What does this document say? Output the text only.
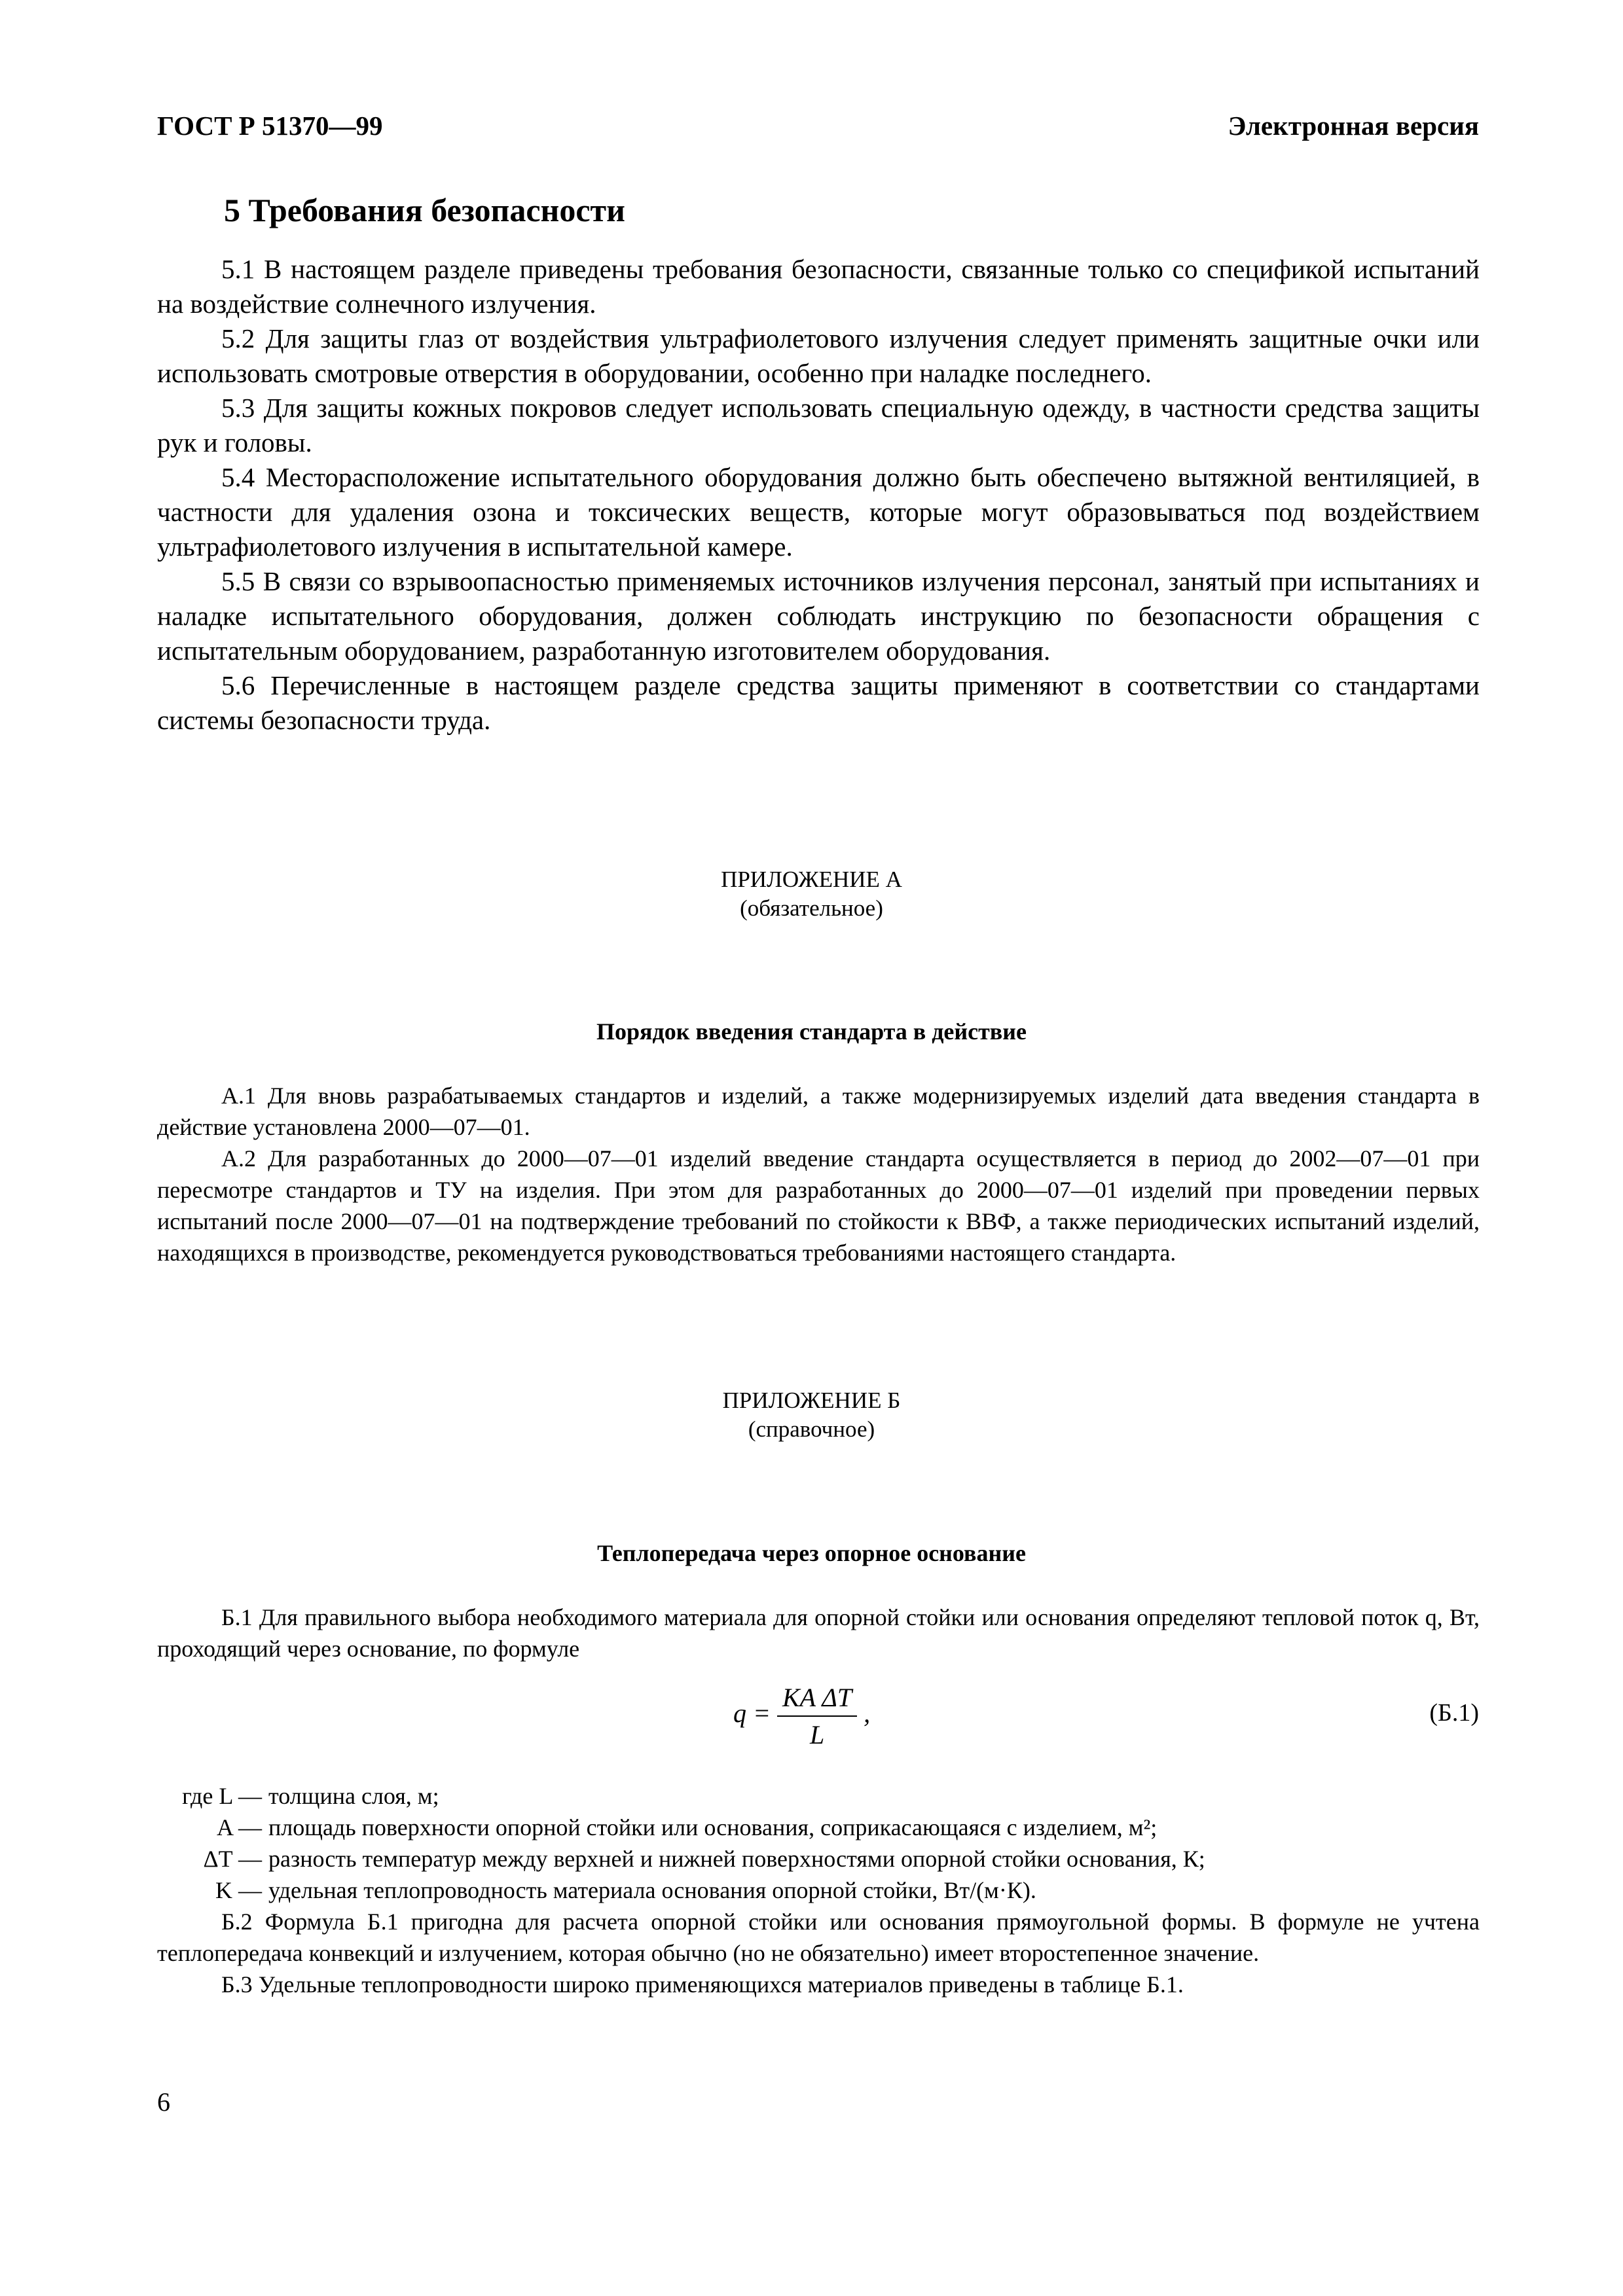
ГОСТ Р 51370—99	Электронная версия
5 Требования безопасности

5.1 В настоящем разделе приведены требования безопасности, связанные только со спецификой испытаний на воздействие солнечного излучения.

5.2 Для защиты глаз от воздействия ультрафиолетового излучения следует применять защитные очки или использовать смотровые отверстия в оборудовании, особенно при наладке последнего.

5.3 Для защиты кожных покровов следует использовать специальную одежду, в частности средства защиты рук и головы.

5.4 Месторасположение испытательного оборудования должно быть обеспечено вытяжной вентиляцией, в частности для удаления озона и токсических веществ, которые могут образовываться под воздействием ультрафиолетового излучения в испытательной камере.

5.5 В связи со взрывоопасностью применяемых источников излучения персонал, занятый при испытаниях и наладке испытательного оборудования, должен соблюдать инструкцию по безопасности обращения с испытательным оборудованием, разработанную изготовителем оборудования.

5.6 Перечисленные в настоящем разделе средства защиты применяют в соответствии со стандартами системы безопасности труда.

ПРИЛОЖЕНИЕ А
(обязательное)
Порядок введения стандарта в действие

А.1 Для вновь разрабатываемых стандартов и изделий, а также модернизируемых изделий дата введения стандарта в действие установлена 2000—07—01.

А.2 Для разработанных до 2000—07—01 изделий введение стандарта осуществляется в период до 2002—07—01 при пересмотре стандартов и ТУ на изделия. При этом для разработанных до 2000—07—01 изделий при проведении первых испытаний после 2000—07—01 на подтверждение требований по стойкости к ВВФ, а также периодических испытаний изделий, находящихся в производстве, рекомендуется руководствоваться требованиями настоящего стандарта.

ПРИЛОЖЕНИЕ Б
(справочное)
Теплопередача через опорное основание

Б.1 Для правильного выбора необходимого материала для опорной стойки или основания определяют тепловой поток q, Вт, проходящий через основание, по формуле

$q = \frac{\text{KA ΔT}}{L}$ ,	(Б.1)
где L — толщина слоя, м;
A — площадь поверхности опорной стойки или основания, соприкасающаяся с изделием, м²;
ΔT — разность температур между верхней и нижней поверхностями опорной стойки основания, К;
K — удельная теплопроводность материала основания опорной стойки, Вт/(м·К).

Б.2 Формула Б.1 пригодна для расчета опорной стойки или основания прямоугольной формы. В формуле не учтена теплопередача конвекций и излучением, которая обычно (но не обязательно) имеет второстепенное значение.

Б.3 Удельные теплопроводности широко применяющихся материалов приведены в таблице Б.1.

6
